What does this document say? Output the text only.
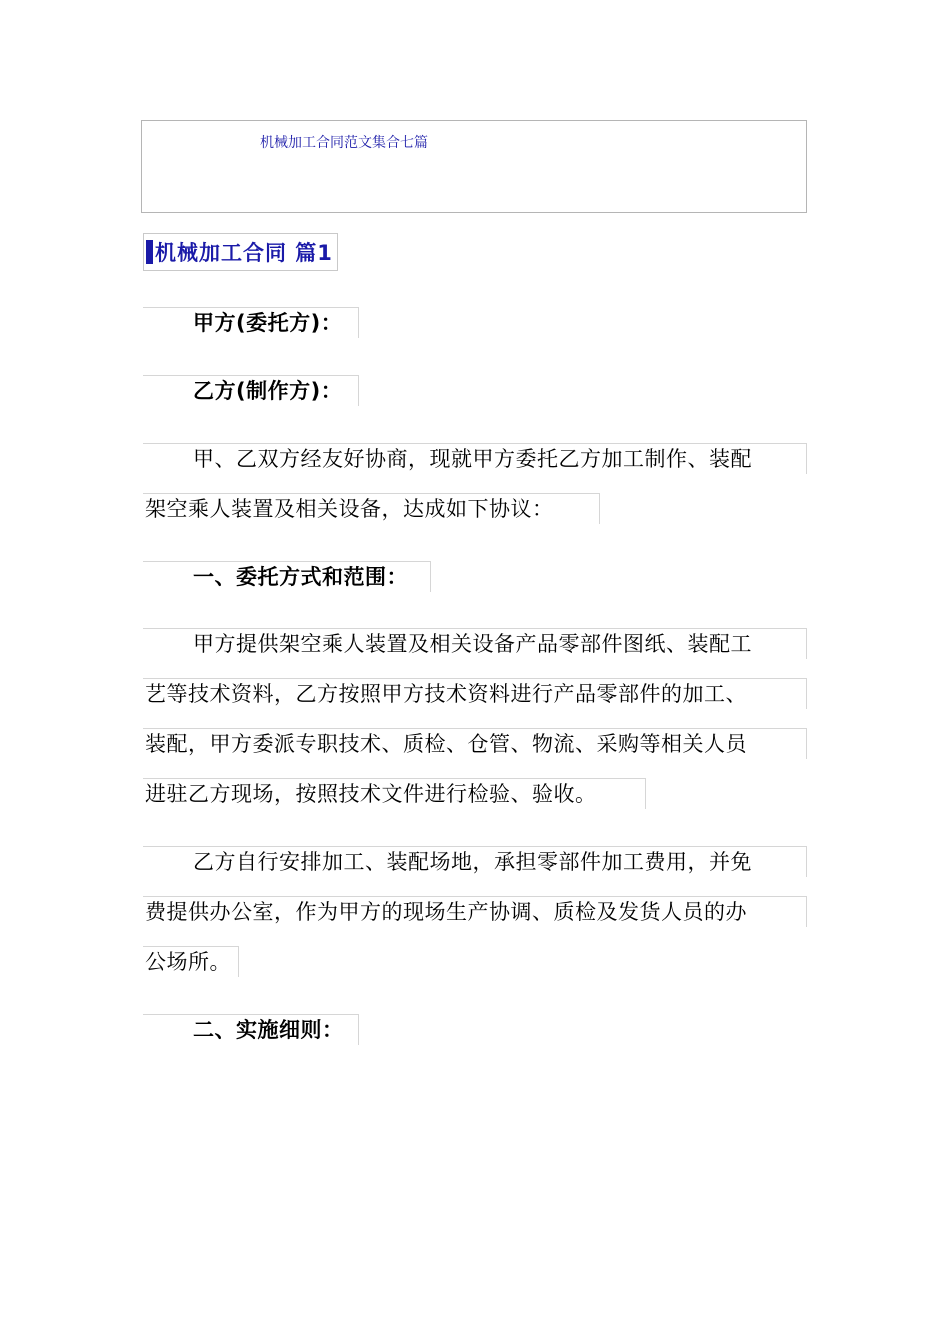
机械加工合同范文集合七篇
机械加工合同 篇1
甲方(委托方)：
乙方(制作方)：
甲、乙双方经友好协商，现就甲方委托乙方加工制作、装配
架空乘人装置及相关设备，达成如下协议：
一、委托方式和范围：
甲方提供架空乘人装置及相关设备产品零部件图纸、装配工
艺等技术资料，乙方按照甲方技术资料进行产品零部件的加工、
装配，甲方委派专职技术、质检、仓管、物流、采购等相关人员
进驻乙方现场，按照技术文件进行检验、验收。
乙方自行安排加工、装配场地，承担零部件加工费用，并免
费提供办公室，作为甲方的现场生产协调、质检及发货人员的办
公场所。
二、实施细则：
